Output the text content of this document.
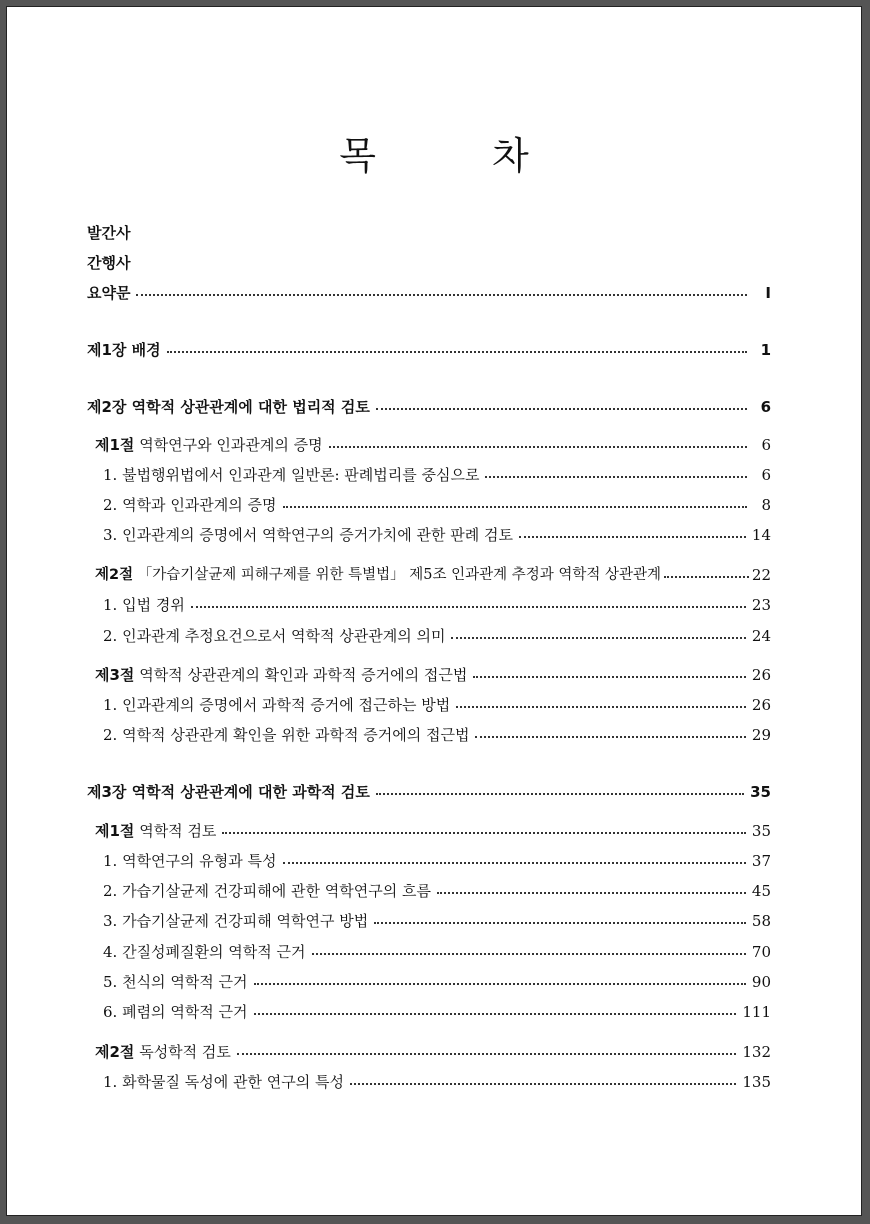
목 차
발간사
간행사
요약문	I
제1장 배경	1
제2장 역학적 상관관계에 대한 법리적 검토	6
제1절 역학연구와 인과관계의 증명	6
1. 불법행위법에서 인과관계 일반론: 판례법리를 중심으로	6
2. 역학과 인과관계의 증명	8
3. 인과관계의 증명에서 역학연구의 증거가치에 관한 판례 검토	14
제2절 「가습기살균제 피해구제를 위한 특별법」 제5조 인과관계 추정과 역학적 상관관계	22
1. 입법 경위	23
2. 인과관계 추정요건으로서 역학적 상관관계의 의미	24
제3절 역학적 상관관계의 확인과 과학적 증거에의 접근법	26
1. 인과관계의 증명에서 과학적 증거에 접근하는 방법	26
2. 역학적 상관관계 확인을 위한 과학적 증거에의 접근법	29
제3장 역학적 상관관계에 대한 과학적 검토	35
제1절 역학적 검토	35
1. 역학연구의 유형과 특성	37
2. 가습기살균제 건강피해에 관한 역학연구의 흐름	45
3. 가습기살균제 건강피해 역학연구 방법	58
4. 간질성폐질환의 역학적 근거	70
5. 천식의 역학적 근거	90
6. 폐렴의 역학적 근거	111
제2절 독성학적 검토	132
1. 화학물질 독성에 관한 연구의 특성	135
